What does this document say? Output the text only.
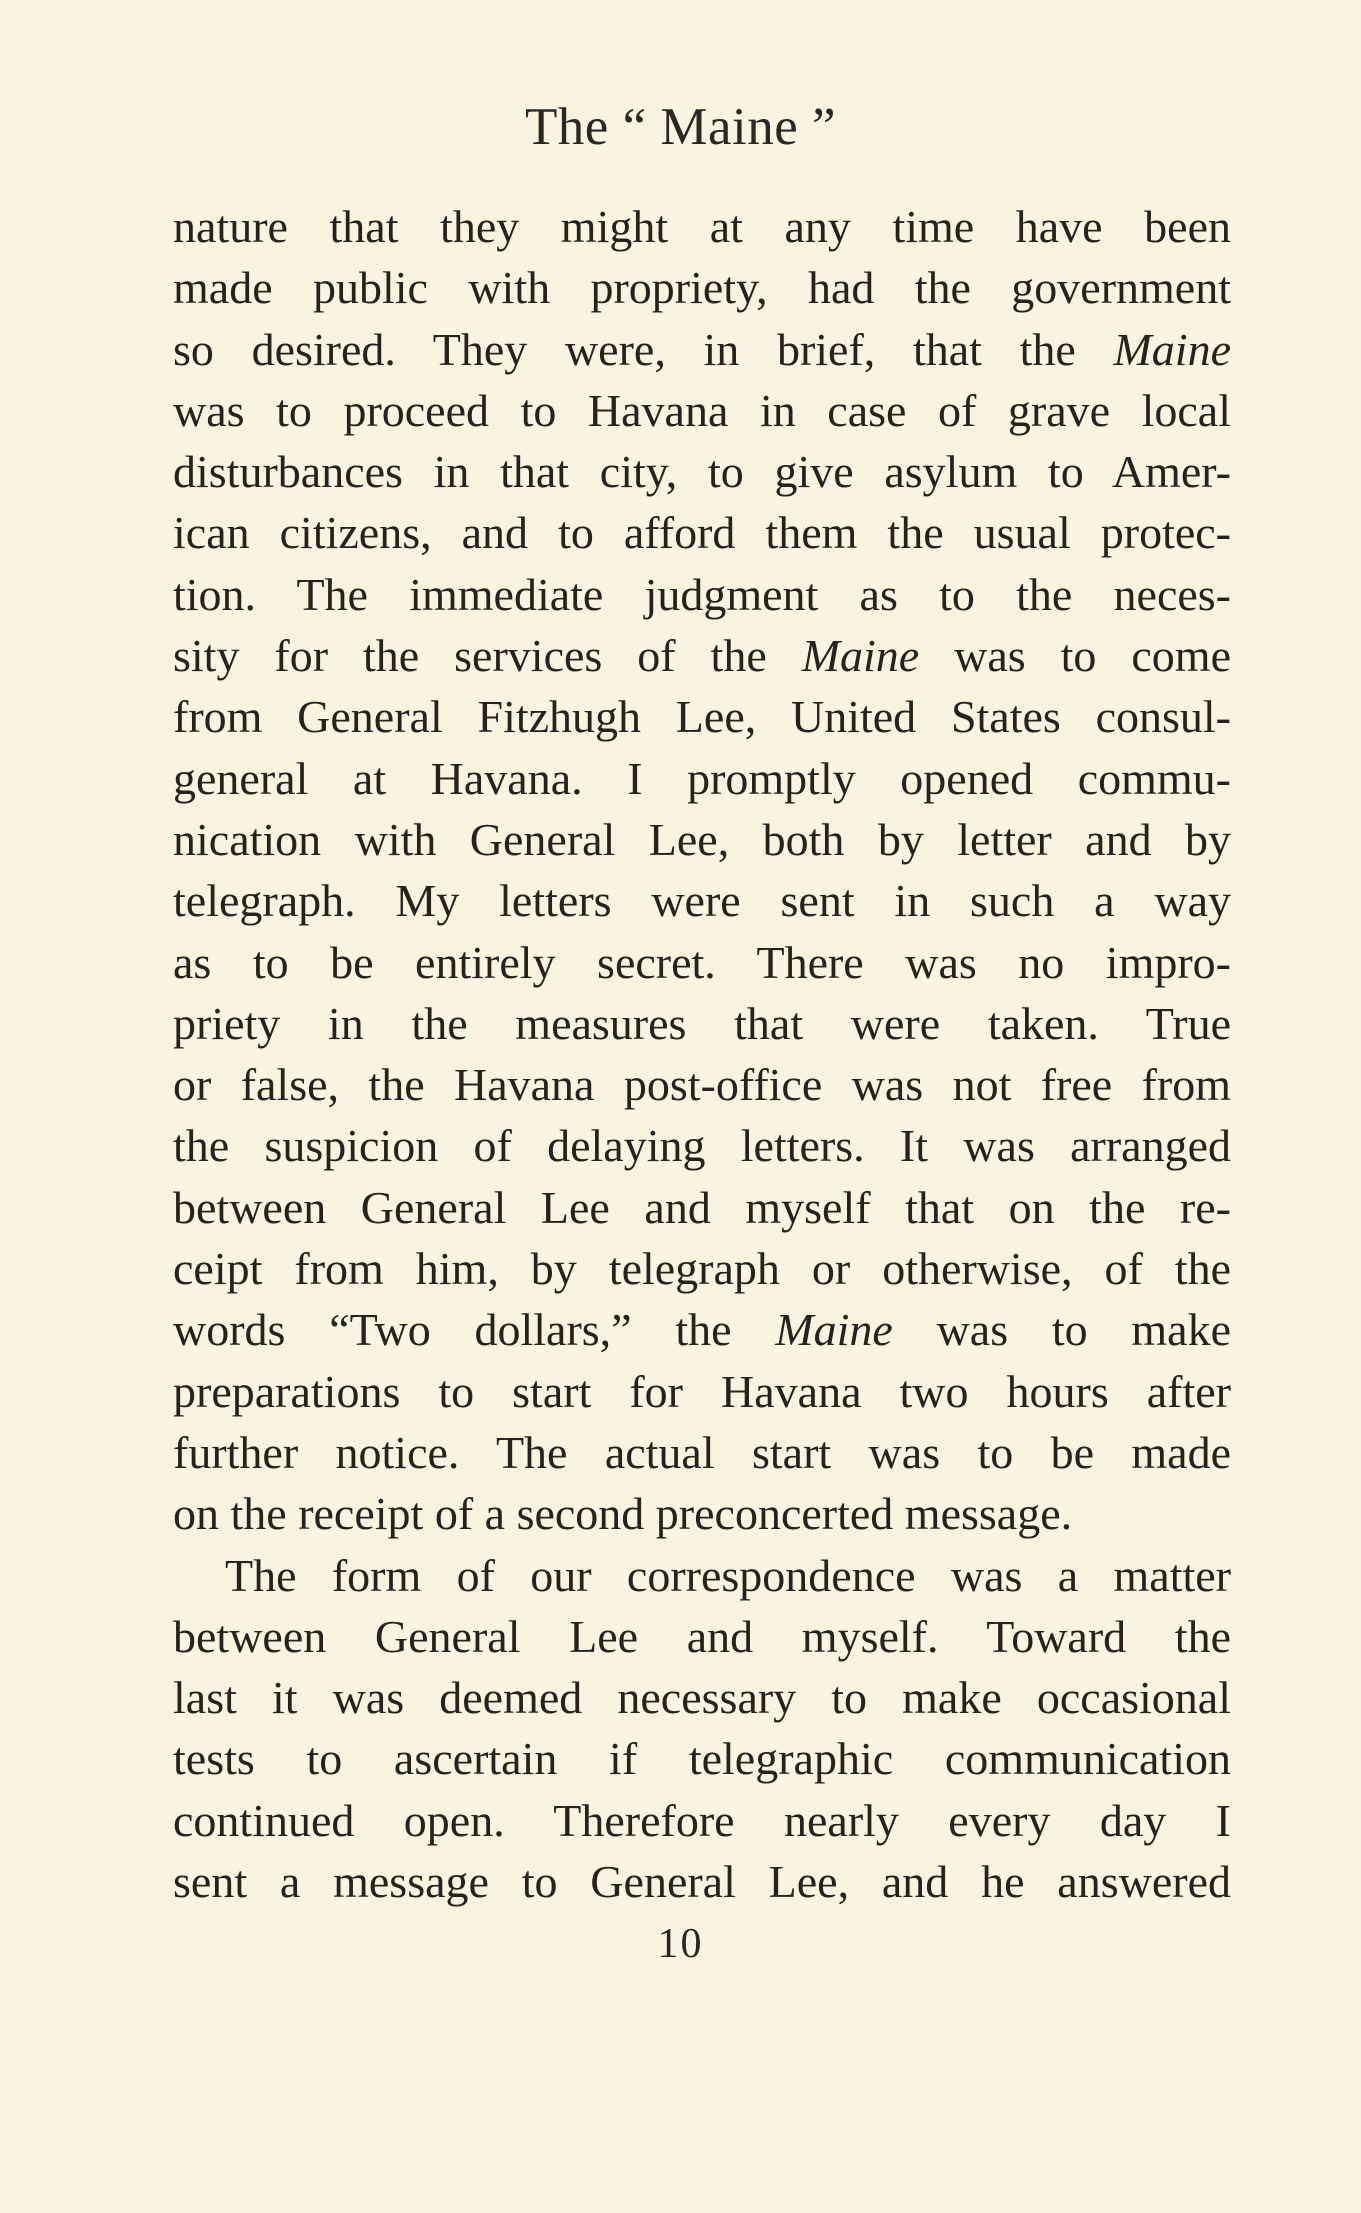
The “ Maine ”
nature that they might at any time have been
made public with propriety, had the government
so desired. They were, in brief, that the Maine
was to proceed to Havana in case of grave local
disturbances in that city, to give asylum to Amer-
ican citizens, and to afford them the usual protec-
tion. The immediate judgment as to the neces-
sity for the services of the Maine was to come
from General Fitzhugh Lee, United States consul-
general at Havana. I promptly opened commu-
nication with General Lee, both by letter and by
telegraph. My letters were sent in such a way
as to be entirely secret. There was no impro-
priety in the measures that were taken. True
or false, the Havana post-office was not free from
the suspicion of delaying letters. It was arranged
between General Lee and myself that on the re-
ceipt from him, by telegraph or otherwise, of the
words “Two dollars,” the Maine was to make
preparations to start for Havana two hours after
further notice. The actual start was to be made
on the receipt of a second preconcerted message.
The form of our correspondence was a matter
between General Lee and myself. Toward the
last it was deemed necessary to make occasional
tests to ascertain if telegraphic communication
continued open. Therefore nearly every day I
sent a message to General Lee, and he answered
10
